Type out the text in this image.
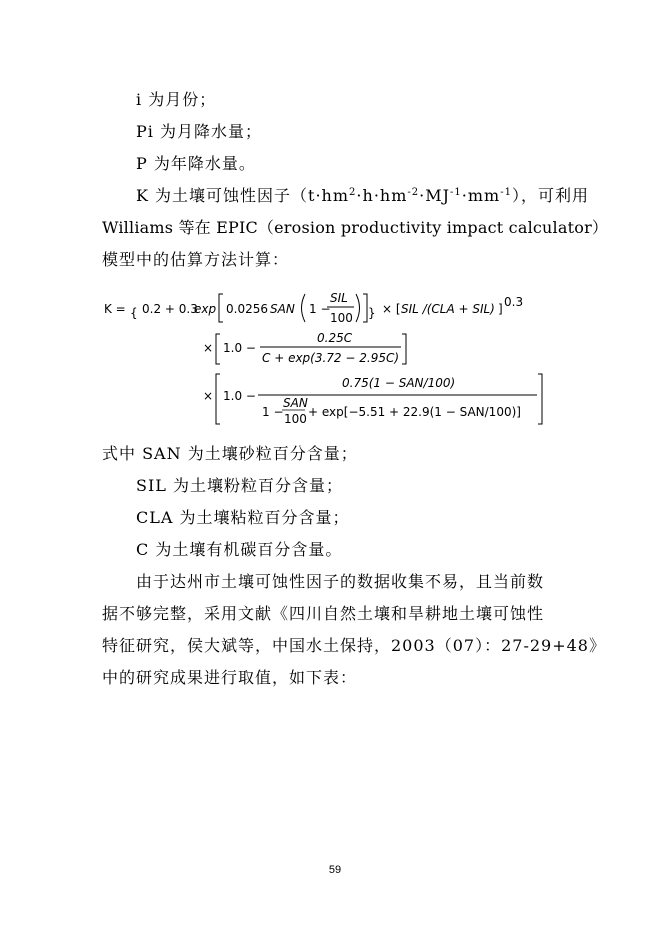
i 为月份；
Pi 为月降水量；
P 为年降水量。
K 为土壤可蚀性因子$(t\cdot hm^2\cdot h\cdot hm^{-2}\cdot MJ^{-1}\cdot mm^{-1})$，可利用
Williams 等在 EPIC（erosion productivity impact calculator）
模型中的估算方法计算：
K = { 0.2 + 0.3
exp 0.0256 SAN 1 −
SIL
100 } × [ SIL /(CLA + SIL) ] 0.3
× 1.0 −
0.25C
C + exp(3.72 − 2.95C)
× 1.0 −
0.75(1 − SAN/100)
1 −
SAN
100 + exp[−5.51 + 22.9(1 − SAN/100)]
式中 SAN 为土壤砂粒百分含量；
SIL 为土壤粉粒百分含量；
CLA 为土壤粘粒百分含量；
C 为土壤有机碳百分含量。
由于达州市土壤可蚀性因子的数据收集不易，且当前数
据不够完整，采用文献《四川自然土壤和旱耕地土壤可蚀性
特征研究，侯大斌等，中国水土保持，2003（07）：27-29+48》
中的研究成果进行取值，如下表：
59
